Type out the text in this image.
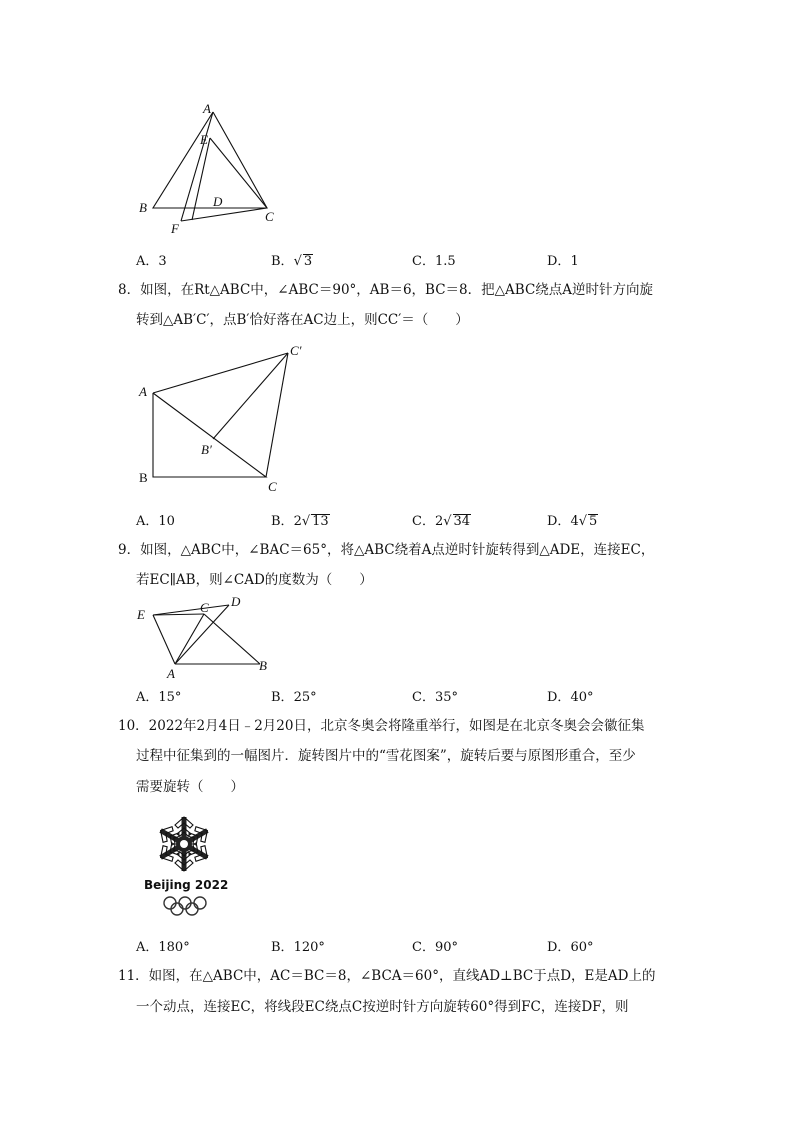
A
E
D
B
F
C
A．3	B．√ 3	C．1.5	D．1
8．如图，在Rt△ABC中，∠ABC＝90°，AB＝6，BC＝8．把△ABC绕点A逆时针方向旋
转到△AB′C′，点B′恰好落在AC边上，则CC′＝（　　）
A
C′
B′
B
C
A．10	B．2√ 13	C．2√ 34	D．4√ 5
9．如图，△ABC中，∠BAC＝65°，将△ABC绕着A点逆时针旋转得到△ADE，连接EC，
若EC∥AB，则∠CAD的度数为（　　）
E	C D
A
B
A．15°	B．25°	C．35°	D．40°
10．2022年2月4日﹣2月20日，北京冬奥会将隆重举行，如图是在北京冬奥会会徽征集
过程中征集到的一幅图片．旋转图片中的“雪花图案”，旋转后要与原图形重合，至少
需要旋转（　　）
Beijing 2022
A．180°	B．120°	C．90°	D．60°
11．如图，在△ABC中，AC＝BC＝8，∠BCA＝60°，直线AD⊥BC于点D，E是AD上的
一个动点，连接EC，将线段EC绕点C按逆时针方向旋转60°得到FC，连接DF，则
